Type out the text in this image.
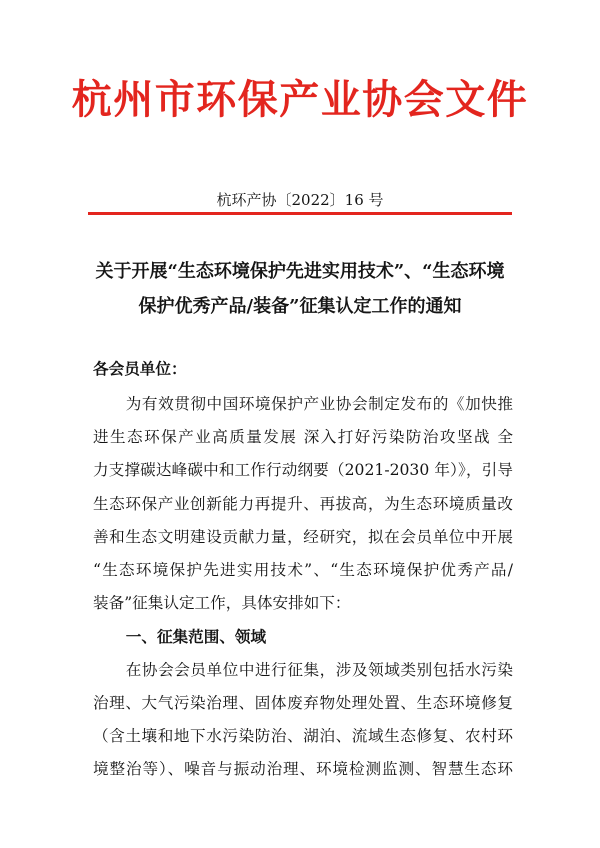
杭州市环保产业协会文件
杭环产协〔2022〕16 号
关于开展“生态环境保护先进实用技术”、“生态环境
保护优秀产品/装备”征集认定工作的通知
各会员单位：
为有效贯彻中国环境保护产业协会制定发布的《加快推
进生态环保产业高质量发展 深入打好污染防治攻坚战 全
力支撑碳达峰碳中和工作行动纲要（2021-2030 年）》，引导
生态环保产业创新能力再提升、再拔高，为生态环境质量改
善和生态文明建设贡献力量，经研究，拟在会员单位中开展
“生态环境保护先进实用技术”、“生态环境保护优秀产品/
装备”征集认定工作，具体安排如下：
一、征集范围、领域
在协会会员单位中进行征集，涉及领域类别包括水污染
治理、大气污染治理、固体废弃物处理处置、生态环境修复
（含土壤和地下水污染防治、湖泊、流域生态修复、农村环
境整治等）、噪音与振动治理、环境检测监测、智慧生态环
